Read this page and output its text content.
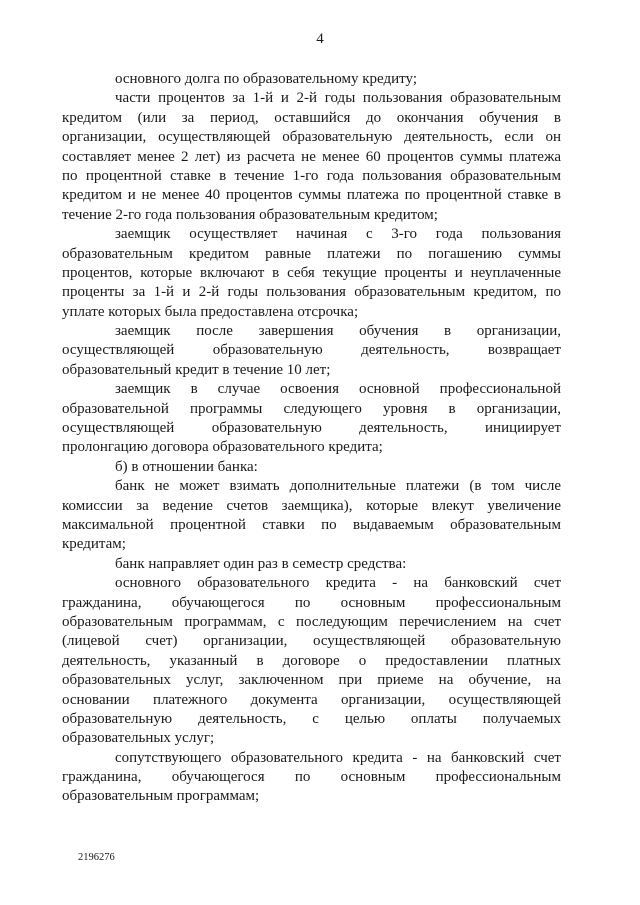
4
основного долга по образовательному кредиту;
части процентов за 1-й и 2-й годы пользования образовательным
кредитом (или за период, оставшийся до окончания обучения в
организации, осуществляющей образовательную деятельность, если он
составляет менее 2 лет) из расчета не менее 60 процентов суммы платежа
по процентной ставке в течение 1-го года пользования образовательным
кредитом и не менее 40 процентов суммы платежа по процентной ставке в
течение 2-го года пользования образовательным кредитом;
заемщик осуществляет начиная с 3-го года пользования
образовательным кредитом равные платежи по погашению суммы
процентов, которые включают в себя текущие проценты и неуплаченные
проценты за 1-й и 2-й годы пользования образовательным кредитом, по
уплате которых была предоставлена отсрочка;
заемщик после завершения обучения в организации,
осуществляющей образовательную деятельность, возвращает
образовательный кредит в течение 10 лет;
заемщик в случае освоения основной профессиональной
образовательной программы следующего уровня в организации,
осуществляющей образовательную деятельность, инициирует
пролонгацию договора образовательного кредита;
б) в отношении банка:
банк не может взимать дополнительные платежи (в том числе
комиссии за ведение счетов заемщика), которые влекут увеличение
максимальной процентной ставки по выдаваемым образовательным
кредитам;
банк направляет один раз в семестр средства:
основного образовательного кредита - на банковский счет
гражданина, обучающегося по основным профессиональным
образовательным программам, с последующим перечислением на счет
(лицевой счет) организации, осуществляющей образовательную
деятельность, указанный в договоре о предоставлении платных
образовательных услуг, заключенном при приеме на обучение, на
основании платежного документа организации, осуществляющей
образовательную деятельность, с целью оплаты получаемых
образовательных услуг;
сопутствующего образовательного кредита - на банковский счет
гражданина, обучающегося по основным профессиональным
образовательным программам;
2196276
